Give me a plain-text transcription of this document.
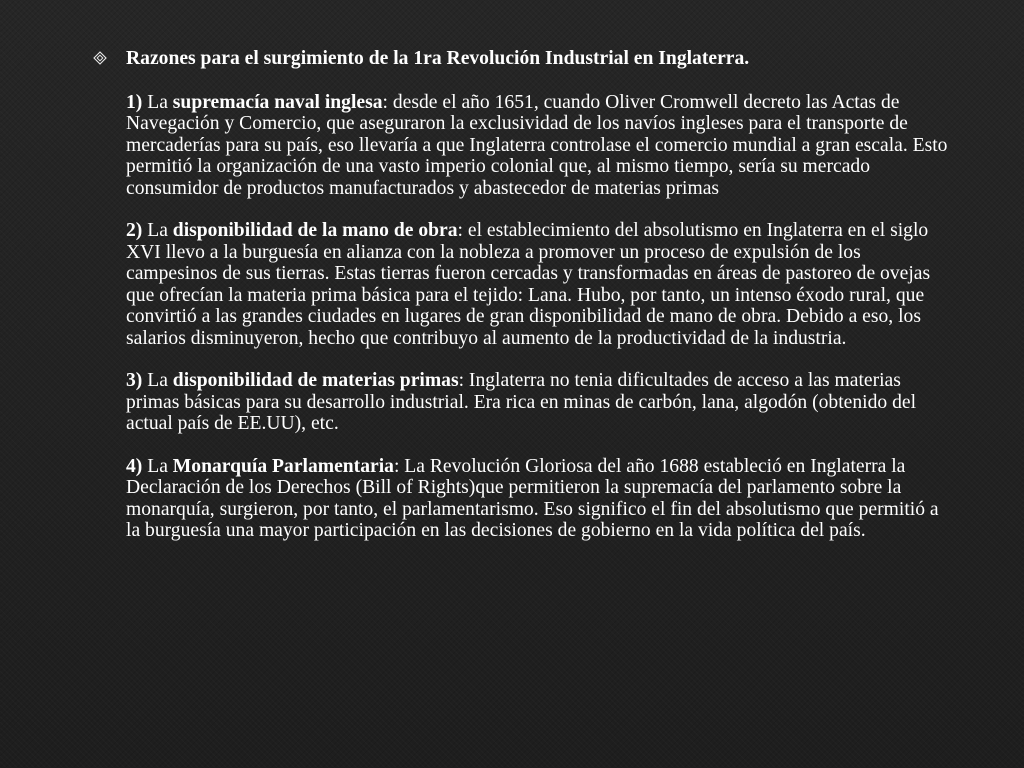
Razones para el surgimiento de la 1ra Revolución Industrial en Inglaterra.
1) La supremacía naval inglesa: desde el año 1651, cuando Oliver Cromwell decreto las Actas de Navegación y Comercio, que aseguraron la exclusividad de los navíos ingleses para el transporte de mercaderías para su país, eso llevaría a que Inglaterra controlase el comercio mundial a gran escala. Esto permitió la organización de una vasto imperio colonial que, al mismo tiempo, sería su mercado consumidor de productos manufacturados y abastecedor de materias primas
2) La disponibilidad de la mano de obra: el establecimiento del absolutismo en Inglaterra en el siglo XVI llevo a la burguesía en alianza con la nobleza a promover un proceso de expulsión de los campesinos de sus tierras. Estas tierras fueron cercadas y transformadas en áreas de pastoreo de ovejas que ofrecían la materia prima básica para el tejido: Lana. Hubo, por tanto, un intenso éxodo rural, que convirtió a las grandes ciudades en lugares de gran disponibilidad de mano de obra. Debido a eso, los salarios disminuyeron, hecho que contribuyo al aumento de la productividad de la industria.
3) La disponibilidad de materias primas: Inglaterra no tenia dificultades de acceso a las materias primas básicas para su desarrollo industrial. Era rica en minas de carbón, lana, algodón (obtenido del actual país de EE.UU), etc.
4) La Monarquía Parlamentaria: La Revolución Gloriosa del año 1688 estableció en Inglaterra la Declaración de los Derechos (Bill of Rights)que permitieron la supremacía del parlamento sobre la monarquía, surgieron, por tanto, el parlamentarismo. Eso significo el fin del absolutismo que permitió a la burguesía una mayor participación en las decisiones de gobierno en la vida política del país.
